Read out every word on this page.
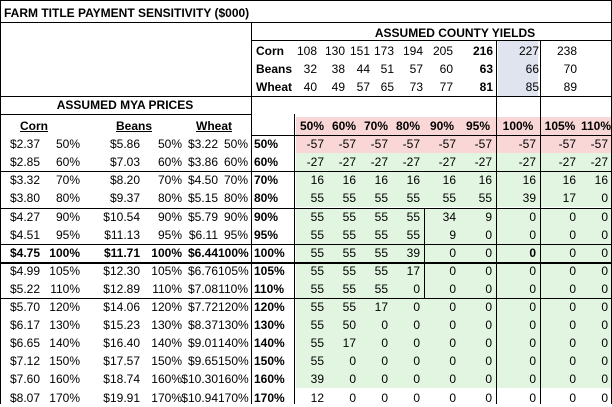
FARM TITLE PAYMENT SENSITIVITY ($000)
ASSUMED COUNTY YIELDS
ASSUMED MYA PRICES
Corn	108 130 151 173 194 205	216	227	238
Beans 32	38 44 51	57	60	63	66	70
Wheat 40	49 57 65	73	77	81	85	89
Corn	Beans	Wheat	50% 60% 70% 80% 90% 95%	100% 105% 110%
$2.37	50%	$5.86	50% $3.22 50% 50%	-57	-57	-57	-57	-57	-57	-57	-57	-57
$2.85	60%	$7.03	60% $3.86 60% 60%	-27	-27	-27	-27	-27	-27	-27	-27	-27
$3.32	70%	$8.20	70% $4.50 70% 70%	16	16	16	16	16	16	16	16	16
$3.80	80%	$9.37	80% $5.15 80% 80%	55	55	55	55	55	55	39	17	0
$4.27	90%	$10.54	90% $5.79 90% 90%	55	55	55	55	34	9	0	0	0
$4.51	95%	$11.13	95% $6.11 95% 95%	55	55	55	55	9	0	0	0	0
$4.75 100%	$11.71 100% $6.44 100% 100%	55	55	55	39	0	0	0	0	0
$4.99 105%	$12.30 105% $6.76 105% 105%	55	55	55	17	0	0	0	0	0
$5.22 110%	$12.89	110% $7.08 110% 110%	55	55	55	0	0	0	0	0	0
$5.70 120%	$14.06 120% $7.72 120% 120%	55	55	17	0	0	0	0	0	0
$6.17 130%	$15.23 130% $8.37 130% 130%	55	50	0	0	0	0	0	0	0
$6.65 140%	$16.40 140% $9.01 140% 140%	55	17	0	0	0	0	0	0	0
$7.12 150%	$17.57 150% $9.65 150% 150%	55	0	0	0	0	0	0	0	0
$7.60 160%	$18.74 160% $10.30 160% 160%	39	0	0	0	0	0	0	0	0
$8.07 170%	$19.91 170% $10.94 170% 170%	12	0	0	0	0	0	0	0	0
